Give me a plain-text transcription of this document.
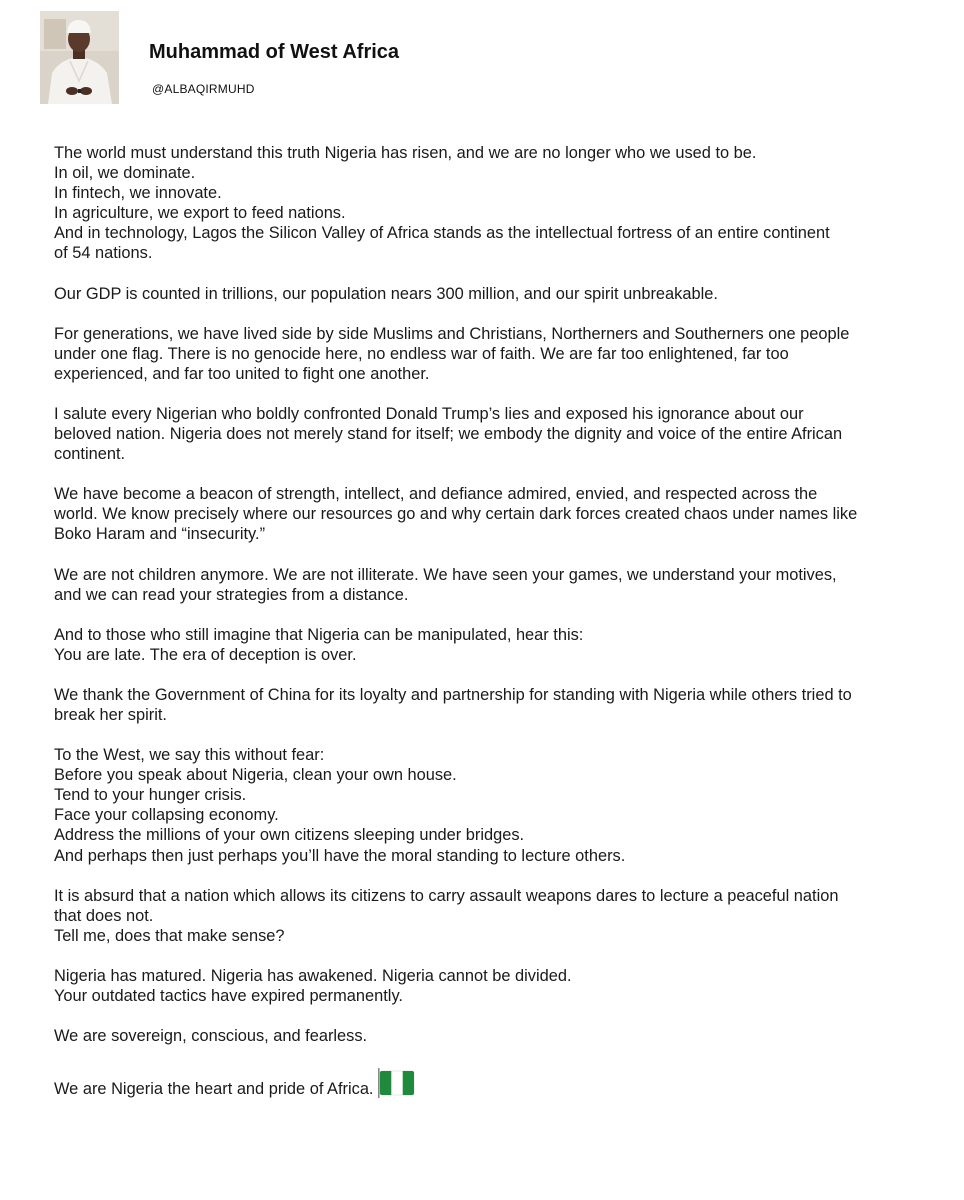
Muhammad of West Africa
@ALBAQIRMUHD
The world must understand this truth Nigeria has risen, and we are no longer who we used to be.
In oil, we dominate.
In fintech, we innovate.
In agriculture, we export to feed nations.
And in technology, Lagos the Silicon Valley of Africa stands as the intellectual fortress of an entire continent
of 54 nations.
Our GDP is counted in trillions, our population nears 300 million, and our spirit unbreakable.
For generations, we have lived side by side Muslims and Christians, Northerners and Southerners one people
under one flag. There is no genocide here, no endless war of faith. We are far too enlightened, far too
experienced, and far too united to fight one another.
I salute every Nigerian who boldly confronted Donald Trump’s lies and exposed his ignorance about our
beloved nation. Nigeria does not merely stand for itself; we embody the dignity and voice of the entire African
continent.
We have become a beacon of strength, intellect, and defiance admired, envied, and respected across the
world. We know precisely where our resources go and why certain dark forces created chaos under names like
Boko Haram and “insecurity.”
We are not children anymore. We are not illiterate. We have seen your games, we understand your motives,
and we can read your strategies from a distance.
And to those who still imagine that Nigeria can be manipulated, hear this:
You are late. The era of deception is over.
We thank the Government of China for its loyalty and partnership for standing with Nigeria while others tried to
break her spirit.
To the West, we say this without fear:
Before you speak about Nigeria, clean your own house.
Tend to your hunger crisis.
Face your collapsing economy.
Address the millions of your own citizens sleeping under bridges.
And perhaps then just perhaps you’ll have the moral standing to lecture others.
It is absurd that a nation which allows its citizens to carry assault weapons dares to lecture a peaceful nation
that does not.
Tell me, does that make sense?
Nigeria has matured. Nigeria has awakened. Nigeria cannot be divided.
Your outdated tactics have expired permanently.
We are sovereign, conscious, and fearless.
We are Nigeria the heart and pride of Africa.
